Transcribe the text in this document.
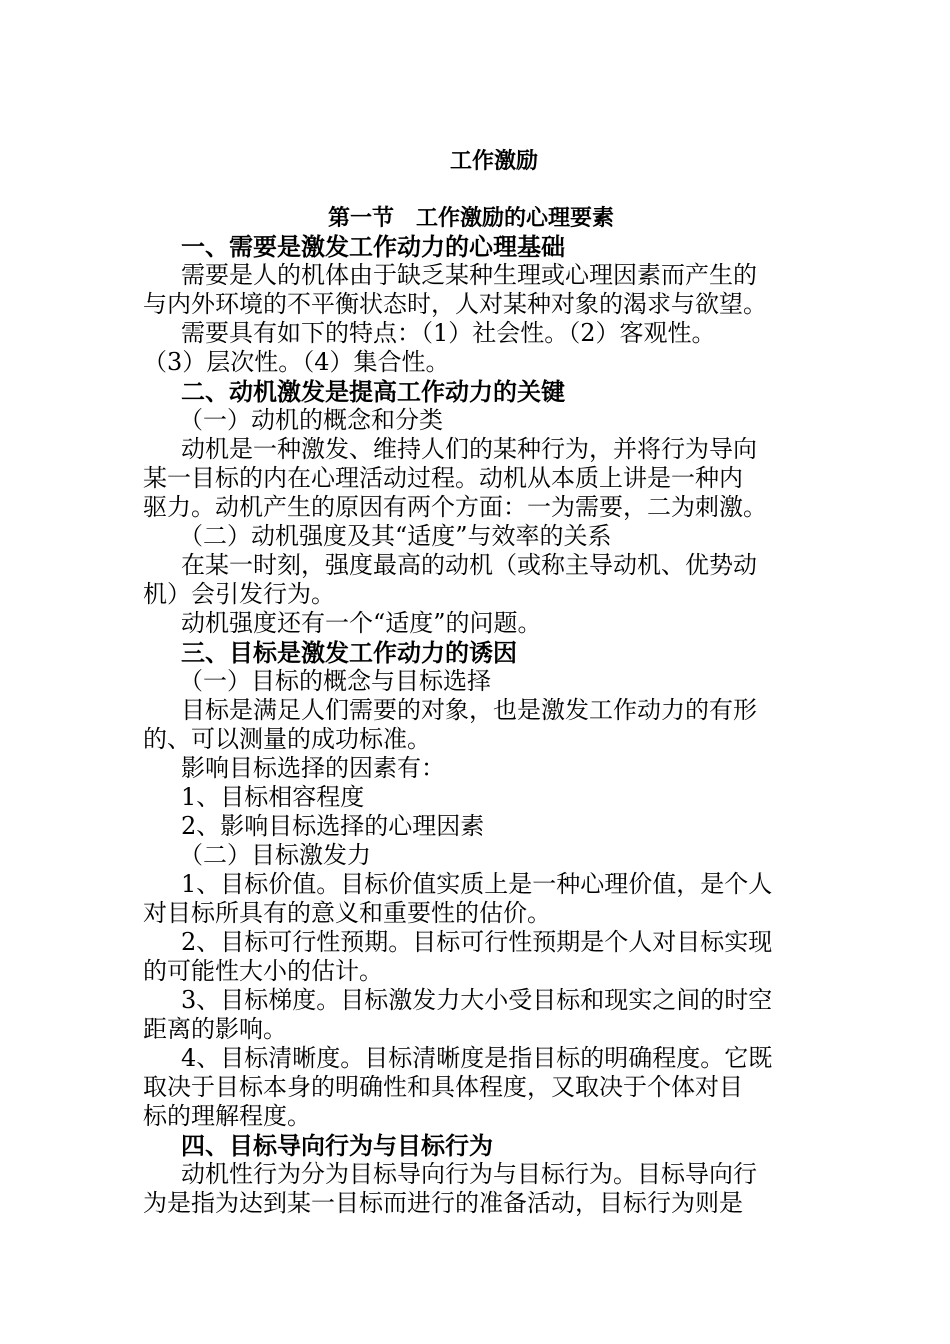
工作激励
第一节　工作激励的心理要素
一、需要是激发工作动力的心理基础
需要是人的机体由于缺乏某种生理或心理因素而产生的
与内外环境的不平衡状态时，人对某种对象的渴求与欲望。
需要具有如下的特点：（1）社会性。（2）客观性。
（3）层次性。（4）集合性。
二、动机激发是提高工作动力的关键
（一）动机的概念和分类
动机是一种激发、维持人们的某种行为，并将行为导向
某一目标的内在心理活动过程。动机从本质上讲是一种内
驱力。动机产生的原因有两个方面：一为需要，二为刺激。
（二）动机强度及其“适度”与效率的关系
在某一时刻，强度最高的动机（或称主导动机、优势动
机）会引发行为。
动机强度还有一个“适度”的问题。
三、目标是激发工作动力的诱因
（一）目标的概念与目标选择
目标是满足人们需要的对象，也是激发工作动力的有形
的、可以测量的成功标准。
影响目标选择的因素有：
1、目标相容程度
2、影响目标选择的心理因素
（二）目标激发力
1、目标价值。目标价值实质上是一种心理价值，是个人
对目标所具有的意义和重要性的估价。
2、目标可行性预期。目标可行性预期是个人对目标实现
的可能性大小的估计。
3、目标梯度。目标激发力大小受目标和现实之间的时空
距离的影响。
4、目标清晰度。目标清晰度是指目标的明确程度。它既
取决于目标本身的明确性和具体程度，又取决于个体对目
标的理解程度。
四、目标导向行为与目标行为
动机性行为分为目标导向行为与目标行为。目标导向行
为是指为达到某一目标而进行的准备活动，目标行为则是
